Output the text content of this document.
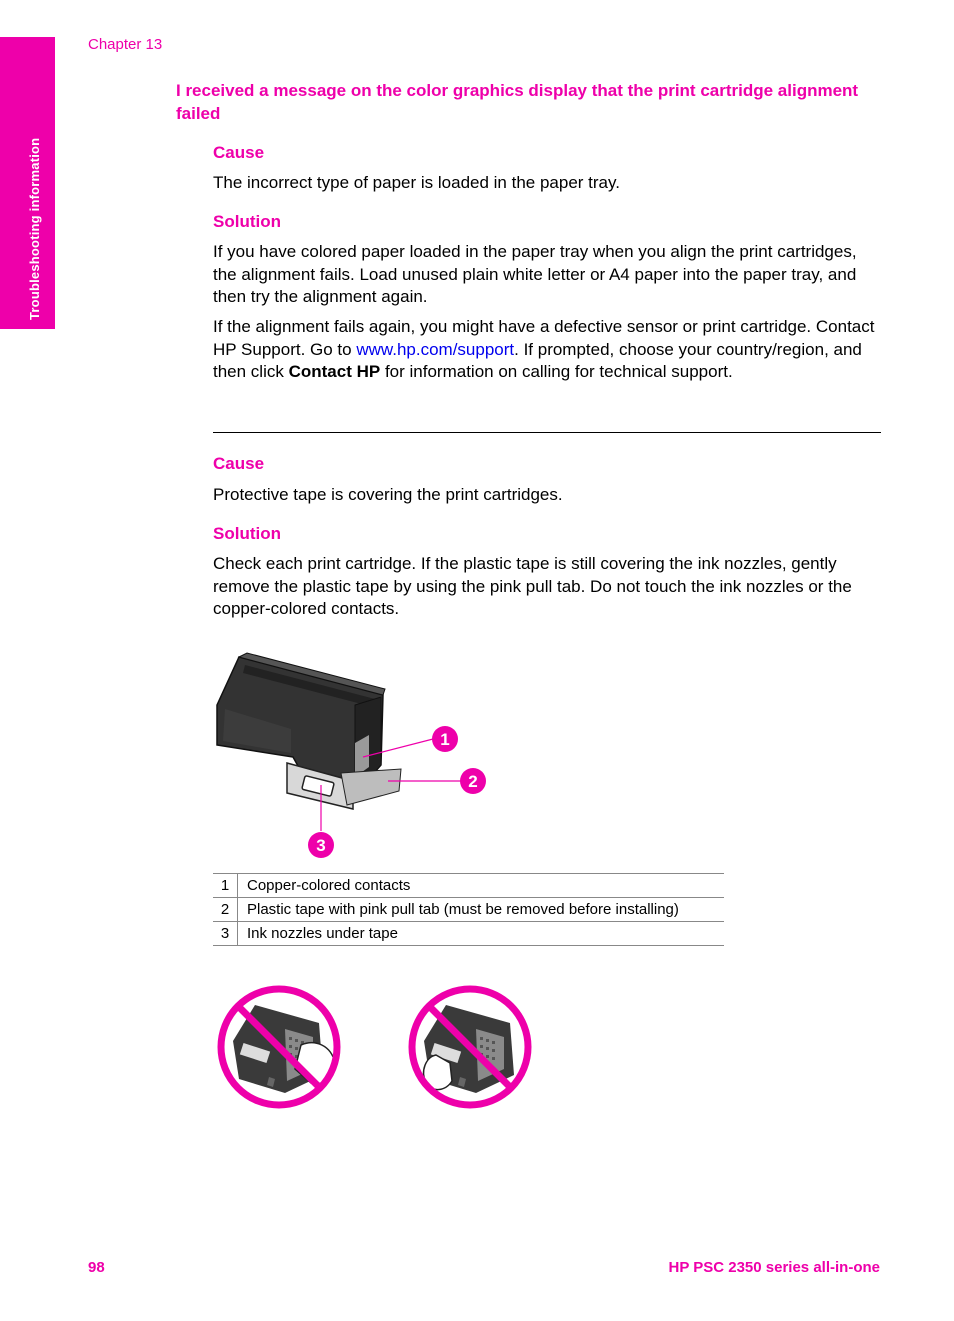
Troubleshooting information
Chapter 13
I received a message on the color graphics display that the print cartridge alignment failed
Cause
The incorrect type of paper is loaded in the paper tray.
Solution
If you have colored paper loaded in the paper tray when you align the print cartridges, the alignment fails. Load unused plain white letter or A4 paper into the paper tray, and then try the alignment again.
If the alignment fails again, you might have a defective sensor or print cartridge. Contact HP Support. Go to www.hp.com/support. If prompted, choose your country/region, and then click Contact HP for information on calling for technical support.
Cause
Protective tape is covering the print cartridges.
Solution
Check each print cartridge. If the plastic tape is still covering the ink nozzles, gently remove the plastic tape by using the pink pull tab. Do not touch the ink nozzles or the copper-colored contacts.
1
2
3
1	Copper-colored contacts
2	Plastic tape with pink pull tab (must be removed before installing)
3	Ink nozzles under tape
98	HP PSC 2350 series all-in-one
